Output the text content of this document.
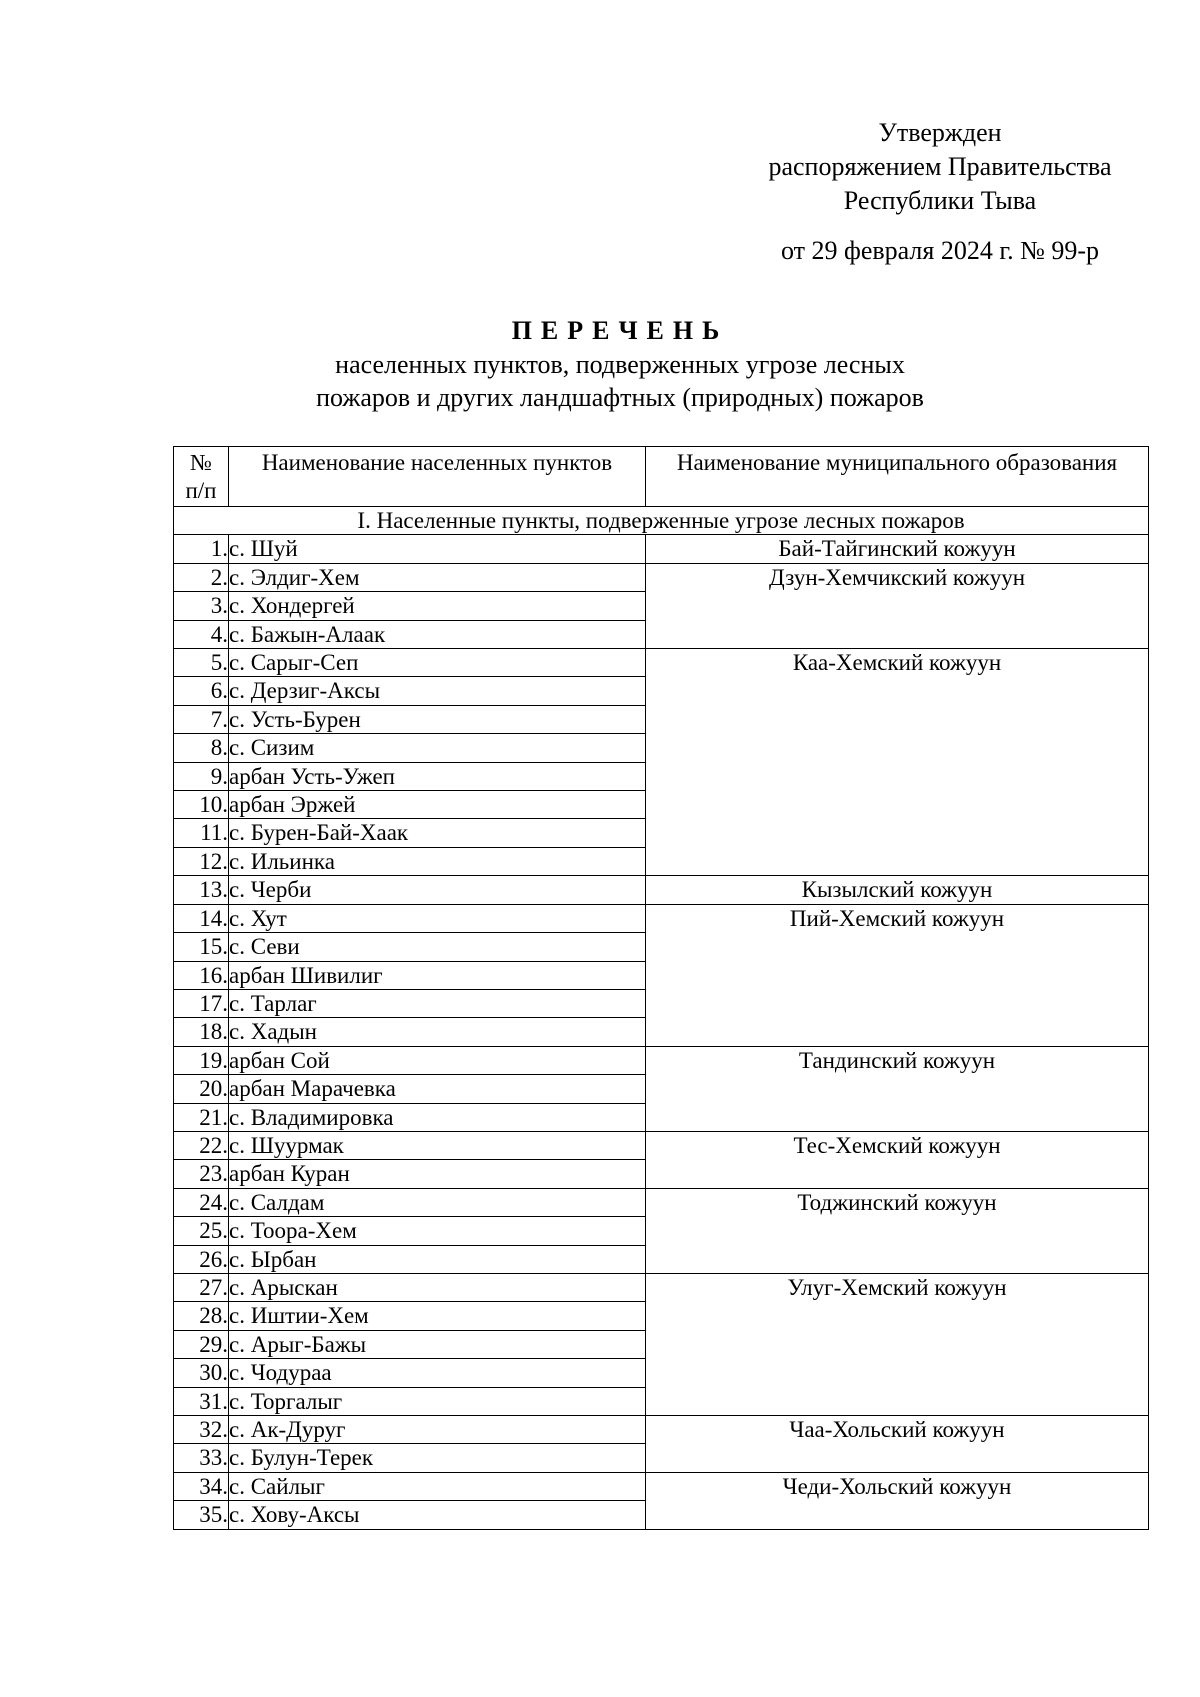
Утвержден
распоряжением Правительства
Республики Тыва
от 29 февраля 2024 г. № 99-р
ПЕРЕЧЕНЬ
населенных пунктов, подверженных угрозе лесных
пожаров и других ландшафтных (природных) пожаров
№
п/п	Наименование населенных пунктов	Наименование муниципального образования
I. Населенные пункты, подверженные угрозе лесных пожаров		
1.	с. Шуй	Бай-Тайгинский кожуун
2.	с. Элдиг-Хем	Дзун-Хемчикский кожуун
3.	с. Хондергей	
4.	с. Бажын-Алаак	
5.	с. Сарыг-Сеп	Каа-Хемский кожуун
6.	с. Дерзиг-Аксы	
7.	с. Усть-Бурен	
8.	с. Сизим	
9.	арбан Усть-Ужеп	
10.	арбан Эржей	
11.	с. Бурен-Бай-Хаак	
12.	с. Ильинка	
13.	с. Черби	Кызылский кожуун
14.	с. Хут	Пий-Хемский кожуун
15.	с. Севи	
16.	арбан Шивилиг	
17.	с. Тарлаг	
18.	с. Хадын	
19.	арбан Сой	Тандинский кожуун
20.	арбан Марачевка	
21.	с. Владимировка	
22.	с. Шуурмак	Тес-Хемский кожуун
23.	арбан Куран	
24.	с. Салдам	Тоджинский кожуун
25.	с. Тоора-Хем	
26.	с. Ырбан	
27.	с. Арыскан	Улуг-Хемский кожуун
28.	с. Иштии-Хем	
29.	с. Арыг-Бажы	
30.	с. Чодураа	
31.	с. Торгалыг	
32.	с. Ак-Дуруг	Чаа-Хольский кожуун
33.	с. Булун-Терек	
34.	с. Сайлыг	Чеди-Хольский кожуун
35.	с. Хову-Аксы	
